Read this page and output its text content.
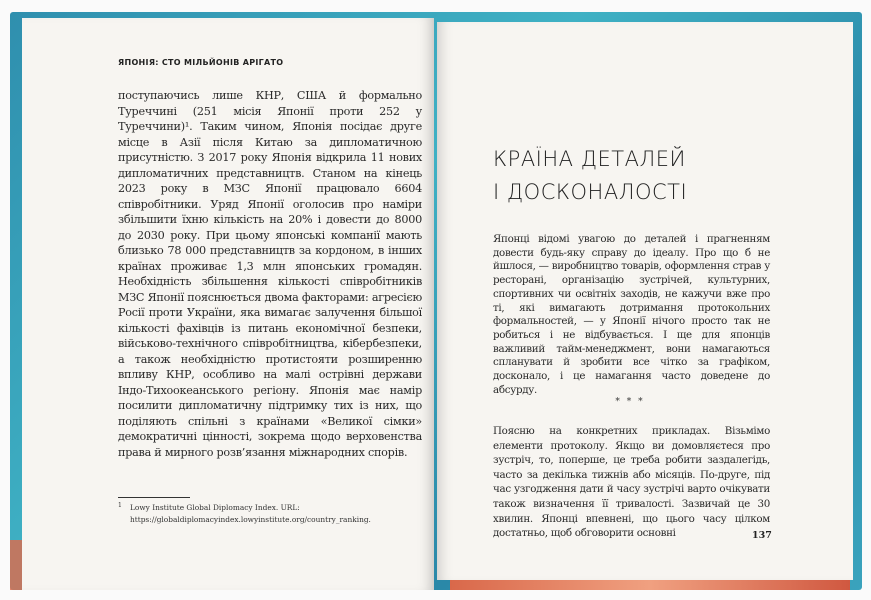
ЯПОНІЯ: СТО МІЛЬЙОНІВ АРІГАТО

поступаючись лише КНР, США й формально Туреччині (251 місія Японії проти 252 у Туреччини)¹. Таким чином, Японія посідає друге місце в Азії після Китаю за дипломатичною присутністю. З 2017 року Японія відкрила 11 нових дипломатичних представництв. Станом на кінець 2023 року в МЗС Японії працювало 6604 співробітники. Уряд Японії оголосив про наміри збільшити їхню кількість на 20% і довести до 8000 до 2030 року. При цьому японські компанії мають близько 78 000 представництв за кордоном, в інших країнах проживає 1,3 млн японських громадян. Необхідність збільшення кількості співробітників МЗС Японії пояснюється двома факторами: агресією Росії проти України, яка вимагає залучення більшої кількості фахівців із питань економічної безпеки, військово-технічного співробітництва, кібербезпеки, а також необхідністю протистояти розширенню впливу КНР, особливо на малі острівні держави Індо-Тихоокеанського регіону. Японія має намір посилити дипломатичну підтримку тих із них, що поділяють спільні з країнами «Великої сімки» демократичні цінності, зокрема щодо верховенства права й мирного розв’язання міжнародних спорів.

1 Lowy Institute Global Diplomacy Index. URL: https://globaldiplomacyindex.lowyinstitute.org/country_ranking.
КРАЇНА ДЕТАЛЕЙ
І ДОСКОНАЛОСТІ

Японці відомі увагою до деталей і прагненням довести будь-яку справу до ідеалу. Про що б не йшлося, — виробництво товарів, оформлення страв у ресторані, організацію зустрічей, культурних, спортивних чи освітніх заходів, не кажучи вже про ті, які вимагають дотримання протокольних формальностей, — у Японії нічого просто так не робиться і не відбувається. І ще для японців важливий тайм-менеджмент, вони намагаються спланувати й зробити все чітко за графіком, досконало, і це намагання часто доведене до абсурду.

* * *

Поясню на конкретних прикладах. Візьмімо елементи протоколу. Якщо ви домовляєтеся про зустріч, то, поперше, це треба робити заздалегідь, часто за декілька тижнів або місяців. По-друге, під час узгодження дати й часу зустрічі варто очікувати також визначення її тривалості. Зазвичай це 30 хвилин. Японці впевнені, що цього часу цілком достатньо, щоб обговорити основні	137
